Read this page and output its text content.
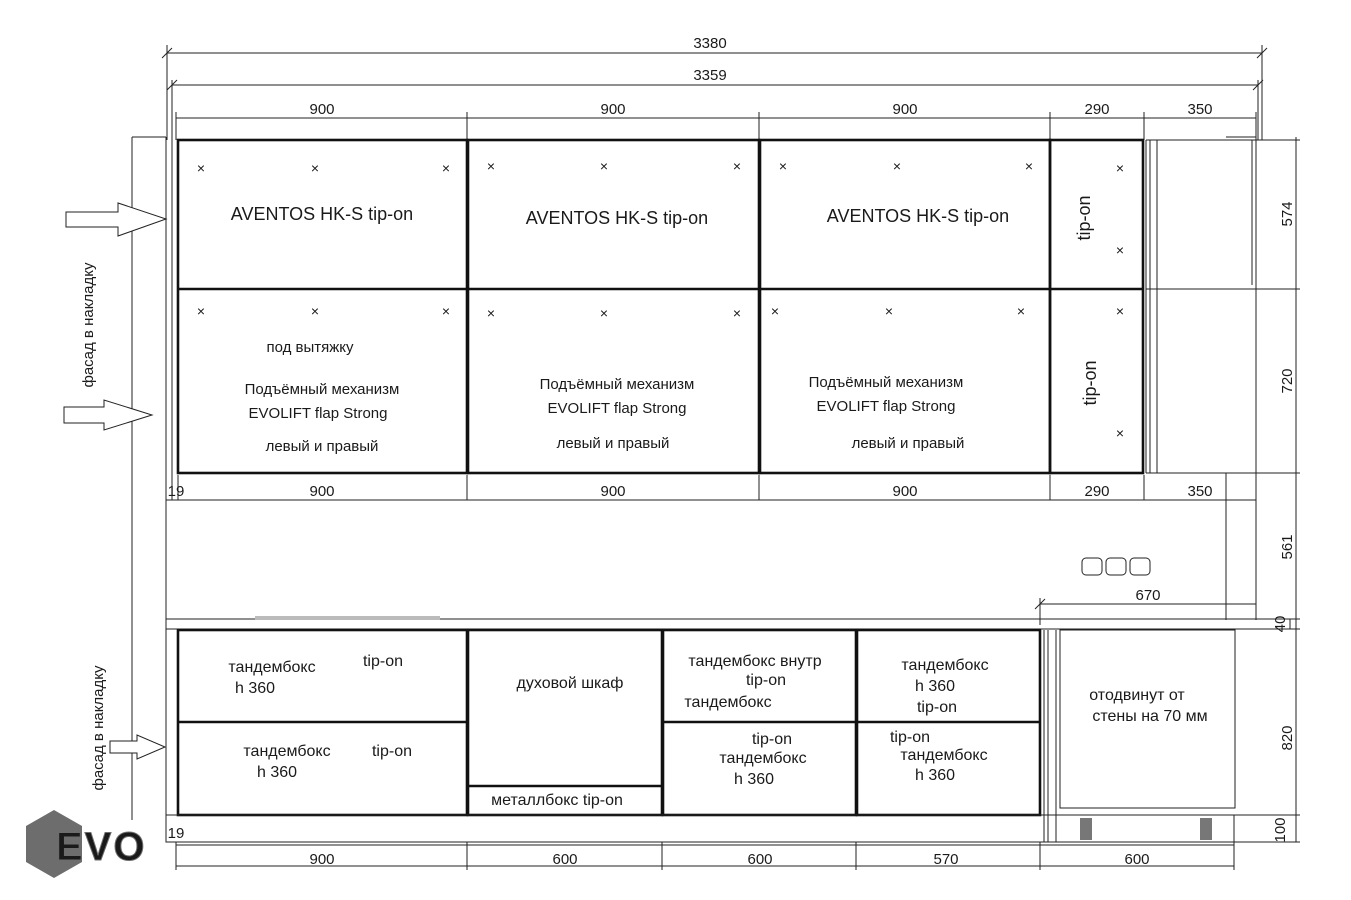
3380
3359
900	900	900	290	350
×	×	×	×	×	×	×	×	×	×
×
×	×	×	×	×	× ×	×	×	×
×
AVENTOS HK-S tip-on	AVENTOS HK-S tip-on	AVENTOS HK-S tip-on	tip-on
под вытяжку
Подъёмный механизм
EVOLIFT flap Strong
левый и правый
Подъёмный механизм
EVOLIFT flap Strong
левый и правый
Подъёмный механизм
EVOLIFT flap Strong
левый и правый
tip-on
19	900	900	900	290	350
670
тандембокс	tip-on
h 360
тандембокс	tip-on
h 360
духовой шкаф
металлбокс tip-on
тандембокс внутр
tip-on
тандембокс
tip-on
тандембокс
h 360
тандембокс
h 360
tip-on
tip-on
тандембокс
h 360
отодвинут от
стены на 70 мм
19
900	600	600	570	600
574
720
561
40
820
100
фасад в накладку
фасад в накладку
EVO
